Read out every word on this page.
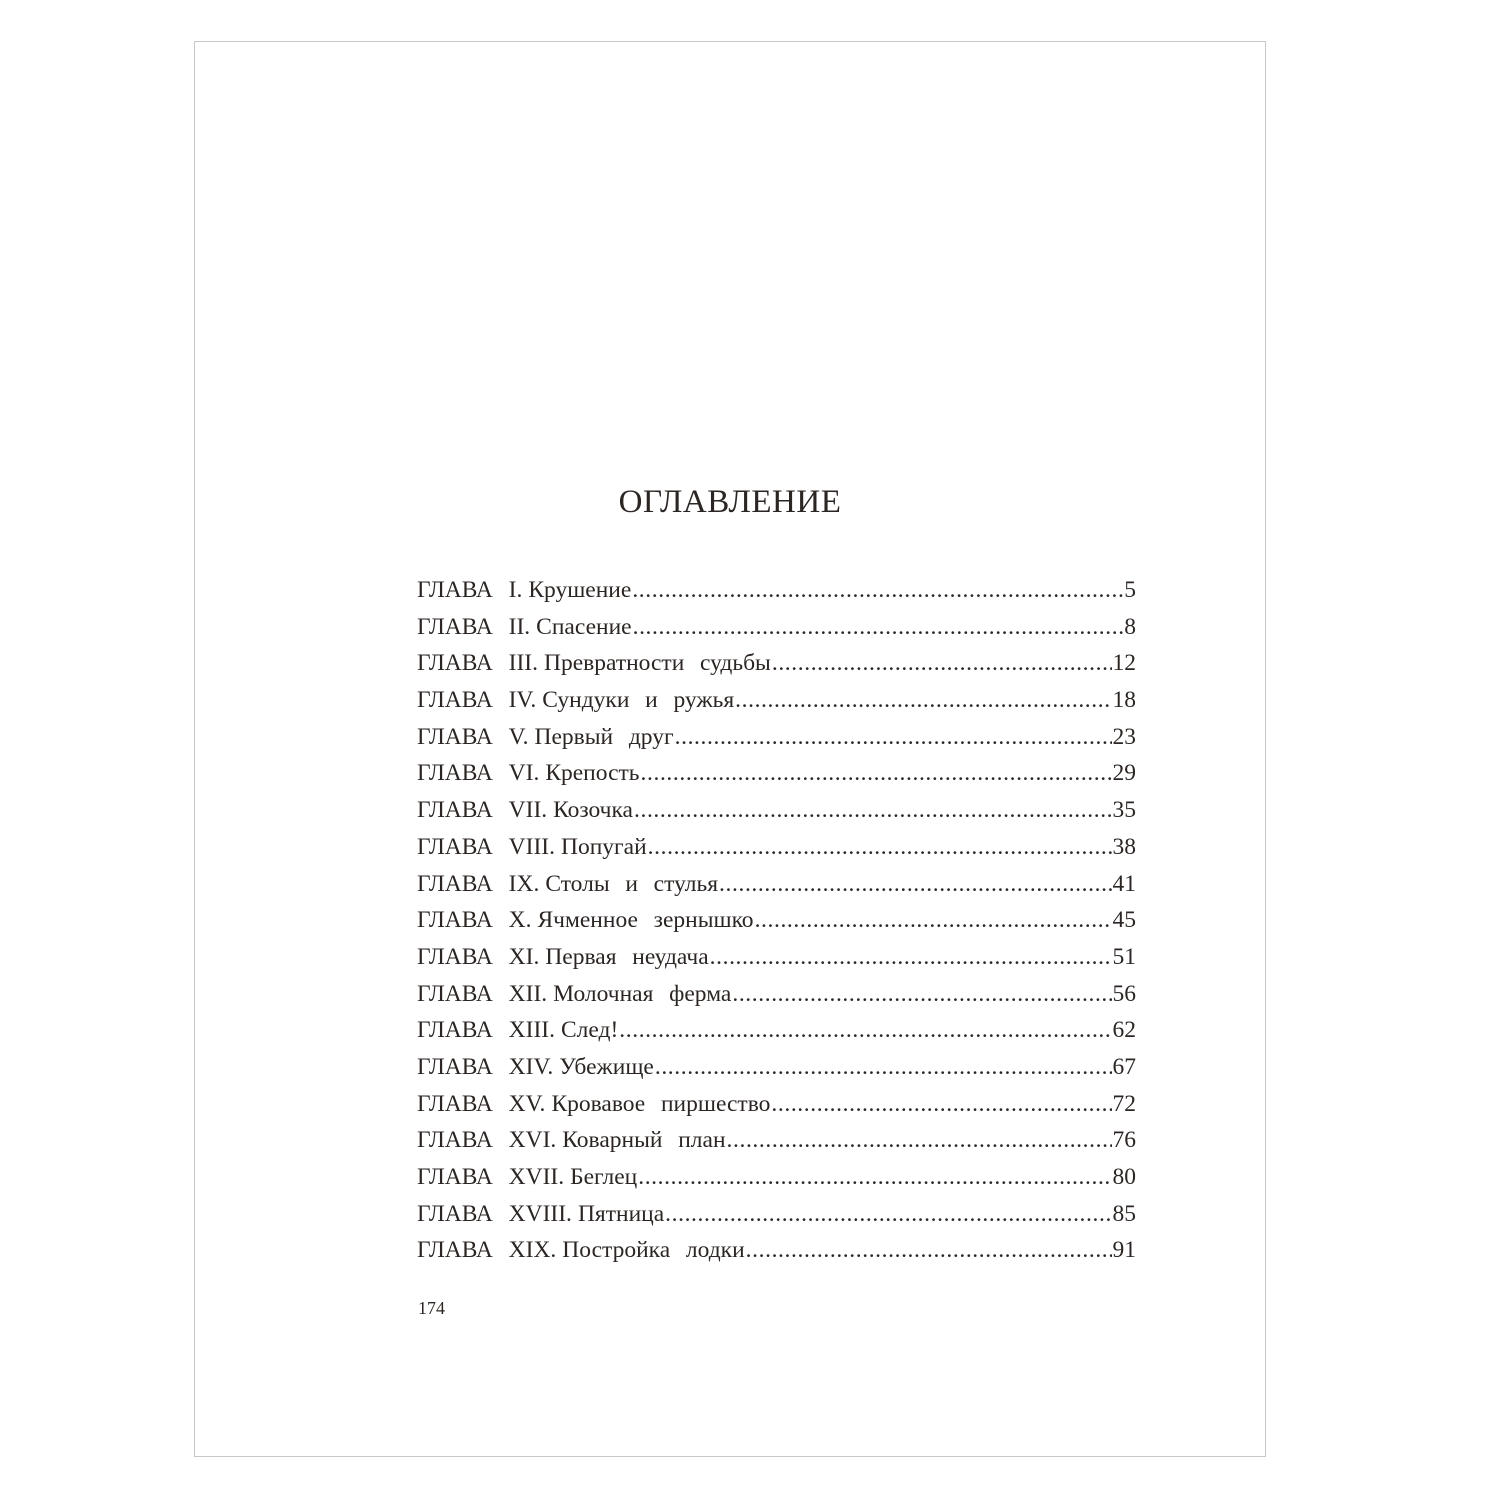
ОГЛАВЛЕНИЕ
ГЛАВА  I. Крушение .....	5
ГЛАВА  II. Спасение .....	8
ГЛАВА  III. Превратности  судьбы .....	12
ГЛАВА  IV. Сундуки  и  ружья .....	18
ГЛАВА  V. Первый  друг .....	23
ГЛАВА  VI. Крепость .....	29
ГЛАВА  VII. Козочка .....	35
ГЛАВА  VIII. Попугай .....	38
ГЛАВА  IX. Столы  и  стулья .....	41
ГЛАВА  X. Ячменное  зернышко .....	45
ГЛАВА  XI. Первая  неудача .....	51
ГЛАВА  XII. Молочная  ферма .....	56
ГЛАВА  XIII. След! .....	62
ГЛАВА  XIV. Убежище .....	67
ГЛАВА  XV. Кровавое  пиршество .....	72
ГЛАВА  XVI. Коварный  план .....	76
ГЛАВА  XVII. Беглец .....	80
ГЛАВА  XVIII. Пятница .....	85
ГЛАВА  XIX. Постройка  лодки .....	91
174
